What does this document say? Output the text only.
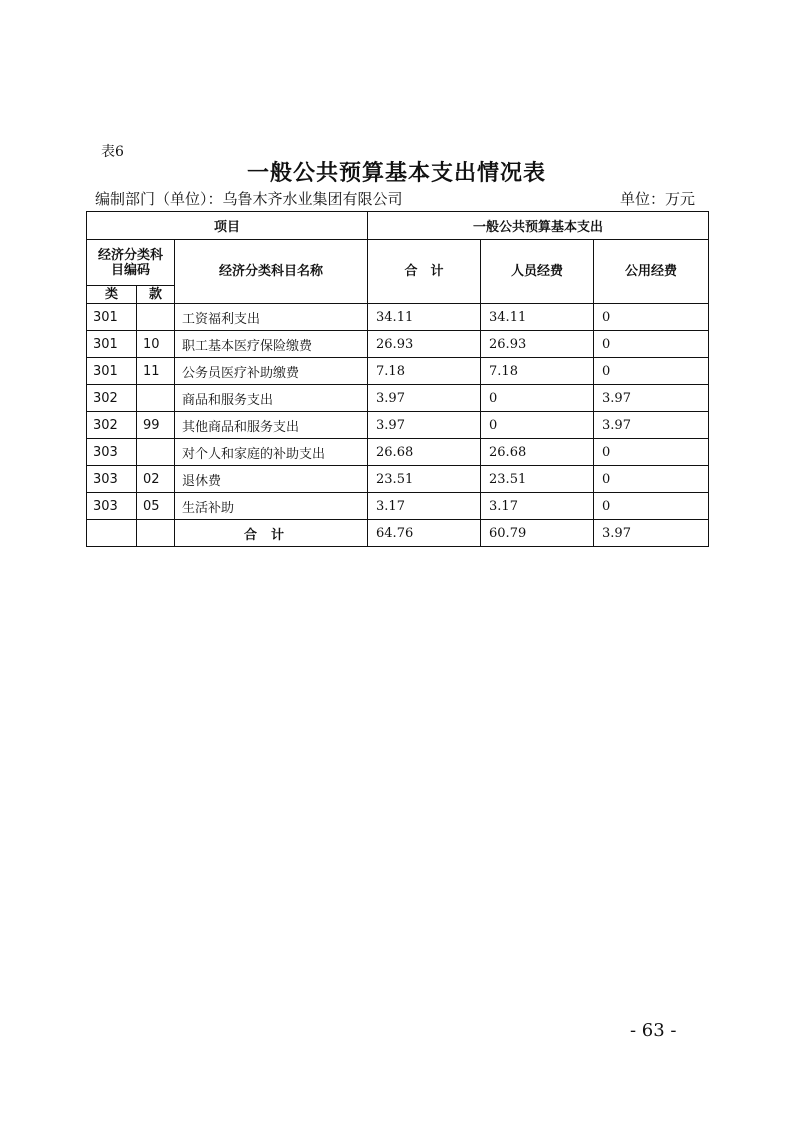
表6
一般公共预算基本支出情况表
编制部门（单位）：乌鲁木齐水业集团有限公司	单位：万元
项目			一般公共预算基本支出		
经济分类科目编码		经济分类科目名称	合　计	人员经费	公用经费
类	款				
301		工资福利支出	34.11	34.11	0
301	10	职工基本医疗保险缴费	26.93	26.93	0
301	11	公务员医疗补助缴费	7.18	7.18	0
302		商品和服务支出	3.97	0	3.97
302	99	其他商品和服务支出	3.97	0	3.97
303		对个人和家庭的补助支出	26.68	26.68	0
303	02	退休费	23.51	23.51	0
303	05	生活补助	3.17	3.17	0
		合计	64.76	60.79	3.97
- 63 -
